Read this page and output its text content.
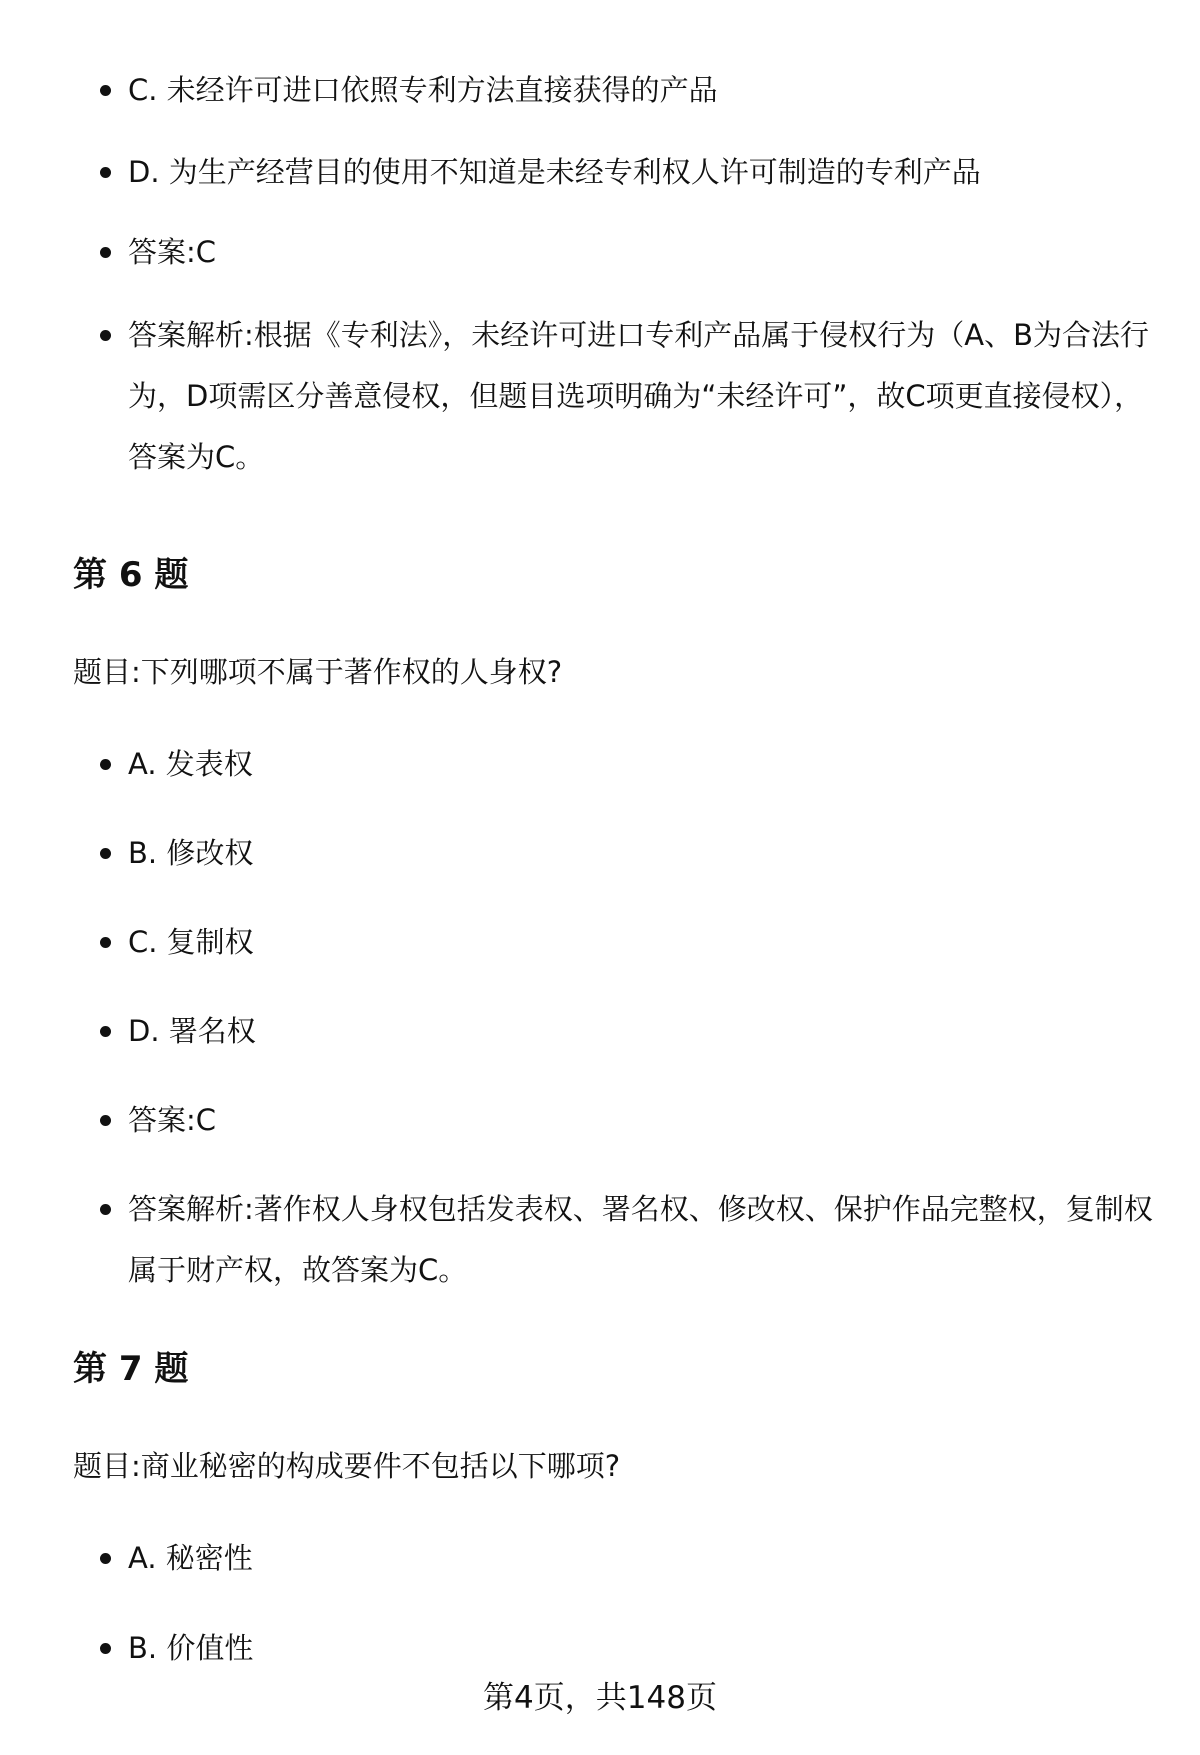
C. 未经许可进口依照专利方法直接获得的产品
D. 为生产经营目的使用不知道是未经专利权人许可制造的专利产品
答案:C
答案解析:根据《专利法》，未经许可进口专利产品属于侵权行为（A、B为合法行为，D项需区分善意侵权，但题目选项明确为“未经许可”，故C项更直接侵权），答案为C。
第 6 题

题目:下列哪项不属于著作权的人身权?

A. 发表权
B. 修改权
C. 复制权
D. 署名权
答案:C
答案解析:著作权人身权包括发表权、署名权、修改权、保护作品完整权，复制权属于财产权，故答案为C。
第 7 题

题目:商业秘密的构成要件不包括以下哪项?

A. 秘密性
B. 价值性
第4页，共148页
